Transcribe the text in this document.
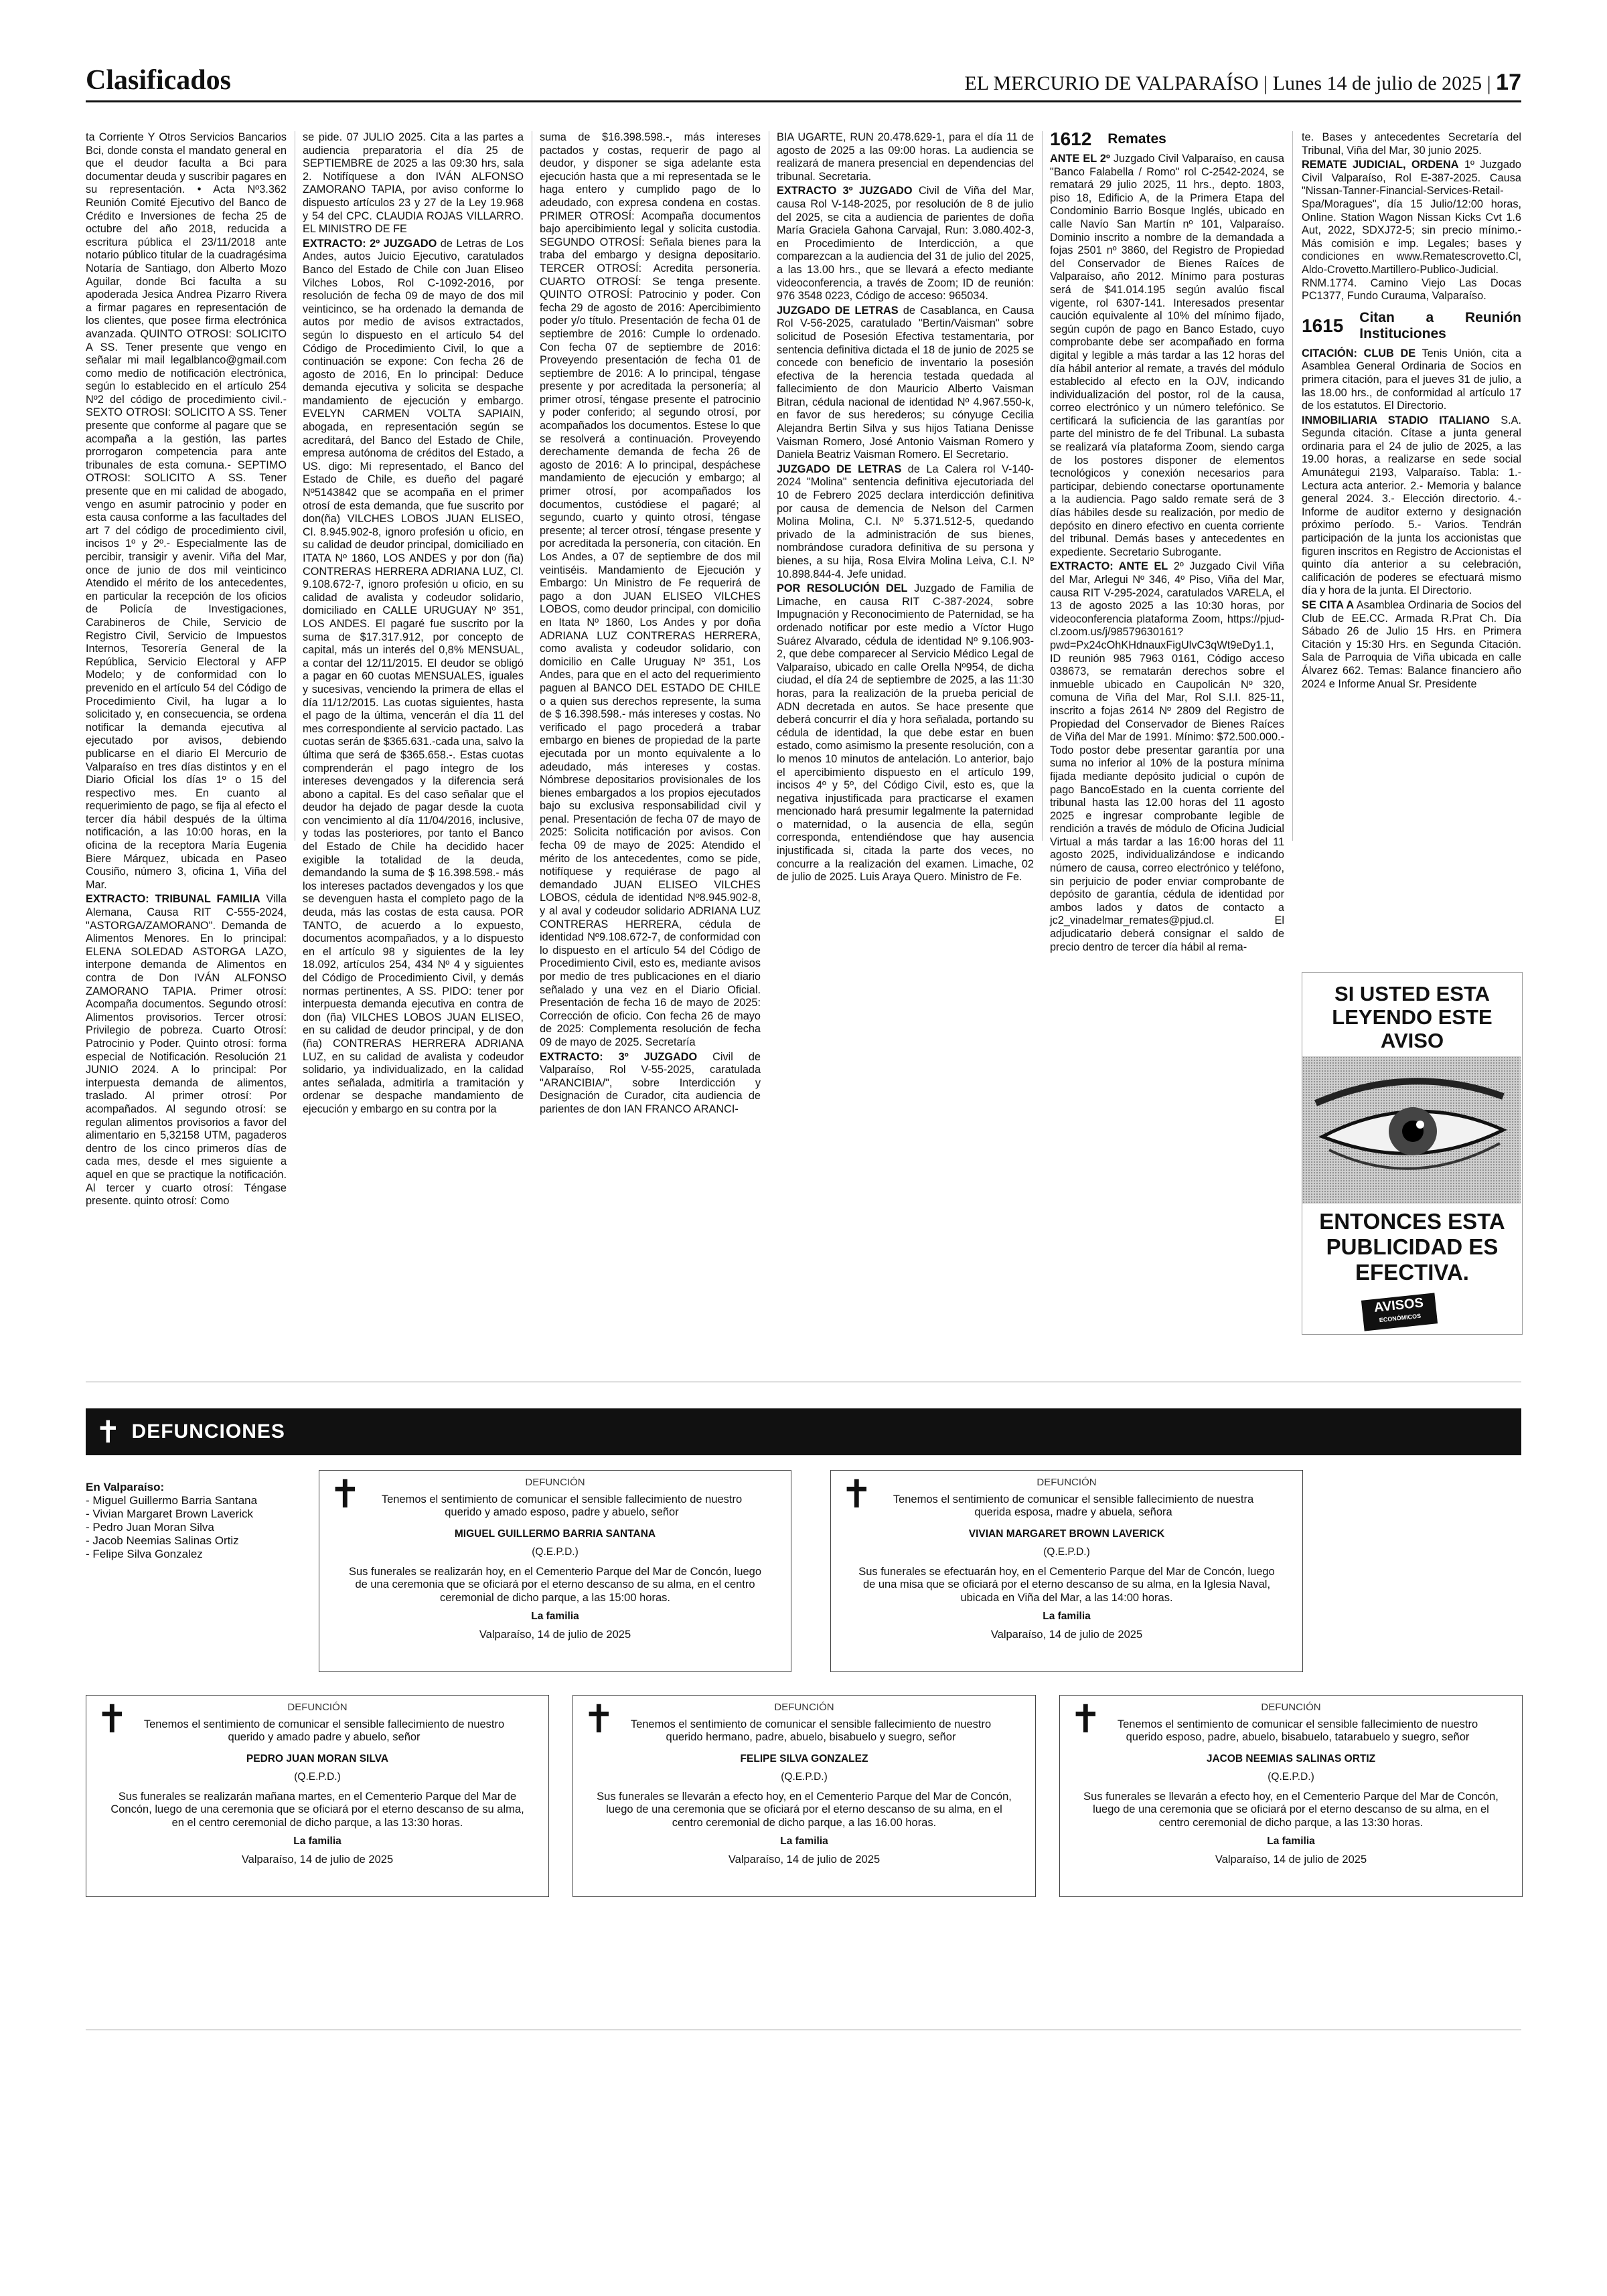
Clasificados	EL MERCURIO DE VALPARAÍSO | Lunes 14 de julio de 2025 | 17

ta Corriente Y Otros Servicios Bancarios Bci, donde consta el mandato general en que el deudor faculta a Bci para documentar deuda y suscribir pagares en su representación. • Acta Nº3.362 Reunión Comité Ejecutivo del Banco de Crédito e Inversiones de fecha 25 de octubre del año 2018, reducida a escritura pública el 23/11/2018 ante notario público titular de la cuadragésima Notaría de Santiago, don Alberto Mozo Aguilar, donde Bci faculta a su apoderada Jesica Andrea Pizarro Rivera a firmar pagares en representación de los clientes, que posee firma electrónica avanzada. QUINTO OTROSI: SOLICITO A SS. Tener presente que vengo en señalar mi mail legalblanco@gmail.com como medio de notificación electrónica, según lo establecido en el artículo 254 Nº2 del código de procedimiento civil.- SEXTO OTROSI: SOLICITO A SS. Tener presente que conforme al pagare que se acompaña a la gestión, las partes prorrogaron competencia para ante tribunales de esta comuna.- SEPTIMO OTROSI: SOLICITO A SS. Tener presente que en mi calidad de abogado, vengo en asumir patrocinio y poder en esta causa conforme a las facultades del art 7 del código de procedimiento civil, incisos 1º y 2º.- Especialmente las de percibir, transigir y avenir. Viña del Mar, once de junio de dos mil veinticinco Atendido el mérito de los antecedentes, en particular la recepción de los oficios de Policía de Investigaciones, Carabineros de Chile, Servicio de Registro Civil, Servicio de Impuestos Internos, Tesorería General de la República, Servicio Electoral y AFP Modelo; y de conformidad con lo prevenido en el artículo 54 del Código de Procedimiento Civil, ha lugar a lo solicitado y, en consecuencia, se ordena notificar la demanda ejecutiva al ejecutado por avisos, debiendo publicarse en el diario El Mercurio de Valparaíso en tres días distintos y en el Diario Oficial los días 1º o 15 del respectivo mes. En cuanto al requerimiento de pago, se fija al efecto el tercer día hábil después de la última notificación, a las 10:00 horas, en la oficina de la receptora María Eugenia Biere Márquez, ubicada en Paseo Cousiño, número 3, oficina 1, Viña del Mar.

EXTRACTO: TRIBUNAL FAMILIA Villa Alemana, Causa RIT C-555-2024, "ASTORGA/ZAMORANO". Demanda de Alimentos Menores. En lo principal: ELENA SOLEDAD ASTORGA LAZO, interpone demanda de Alimentos en contra de Don IVÁN ALFONSO ZAMORANO TAPIA. Primer otrosí: Acompaña documentos. Segundo otrosí: Alimentos provisorios. Tercer otrosí: Privilegio de pobreza. Cuarto Otrosí: Patrocinio y Poder. Quinto otrosí: forma especial de Notificación. Resolución 21 JUNIO 2024. A lo principal: Por interpuesta demanda de alimentos, traslado. Al primer otrosí: Por acompañados. Al segundo otrosí: se regulan alimentos provisorios a favor del alimentario en 5,32158 UTM, pagaderos dentro de los cinco primeros días de cada mes, desde el mes siguiente a aquel en que se practique la notificación. Al tercer y cuarto otrosí: Téngase presente. quinto otrosí: Como

se pide. 07 JULIO 2025. Cita a las partes a audiencia preparatoria el día 25 de SEPTIEMBRE de 2025 a las 09:30 hrs, sala 2. Notifíquese a don IVÁN ALFONSO ZAMORANO TAPIA, por aviso conforme lo dispuesto artículos 23 y 27 de la Ley 19.968 y 54 del CPC. CLAUDIA ROJAS VILLARRO. EL MINISTRO DE FE

EXTRACTO: 2º JUZGADO de Letras de Los Andes, autos Juicio Ejecutivo, caratulados Banco del Estado de Chile con Juan Eliseo Vilches Lobos, Rol C-1092-2016, por resolución de fecha 09 de mayo de dos mil veinticinco, se ha ordenado la demanda de autos por medio de avisos extractados, según lo dispuesto en el artículo 54 del Código de Procedimiento Civil, lo que a continuación se expone: Con fecha 26 de agosto de 2016, En lo principal: Deduce demanda ejecutiva y solicita se despache mandamiento de ejecución y embargo. EVELYN CARMEN VOLTA SAPIAIN, abogada, en representación según se acreditará, del Banco del Estado de Chile, empresa autónoma de créditos del Estado, a US. digo: Mi representado, el Banco del Estado de Chile, es dueño del pagaré Nº5143842 que se acompaña en el primer otrosí de esta demanda, que fue suscrito por don(ña) VILCHES LOBOS JUAN ELISEO, Cl. 8.945.902-8, ignoro profesión u oficio, en su calidad de deudor principal, domiciliado en ITATA Nº 1860, LOS ANDES y por don (ña) CONTRERAS HERRERA ADRIANA LUZ, Cl. 9.108.672-7, ignoro profesión u oficio, en su calidad de avalista y codeudor solidario, domiciliado en CALLE URUGUAY Nº 351, LOS ANDES. El pagaré fue suscrito por la suma de $17.317.912, por concepto de capital, más un interés del 0,8% MENSUAL, a contar del 12/11/2015. El deudor se obligó a pagar en 60 cuotas MENSUALES, iguales y sucesivas, venciendo la primera de ellas el día 11/12/2015. Las cuotas siguientes, hasta el pago de la última, vencerán el día 11 del mes correspondiente al servicio pactado. Las cuotas serán de $365.631.-cada una, salvo la última que será de $365.658.-. Estas cuotas comprenderán el pago íntegro de los intereses devengados y la diferencia será abono a capital. Es del caso señalar que el deudor ha dejado de pagar desde la cuota con vencimiento al día 11/04/2016, inclusive, y todas las posteriores, por tanto el Banco del Estado de Chile ha decidido hacer exigible la totalidad de la deuda, demandando la suma de $ 16.398.598.- más los intereses pactados devengados y los que se devenguen hasta el completo pago de la deuda, más las costas de esta causa. POR TANTO, de acuerdo a lo expuesto, documentos acompañados, y a lo dispuesto en el artículo 98 y siguientes de la ley 18.092, artículos 254, 434 Nº 4 y siguientes del Código de Procedimiento Civil, y demás normas pertinentes, A SS. PIDO: tener por interpuesta demanda ejecutiva en contra de don (ña) VILCHES LOBOS JUAN ELISEO, en su calidad de deudor principal, y de don (ña) CONTRERAS HERRERA ADRIANA LUZ, en su calidad de avalista y codeudor solidario, ya individualizado, en la calidad antes señalada, admitirla a tramitación y ordenar se despache mandamiento de ejecución y embargo en su contra por la

suma de $16.398.598.-, más intereses pactados y costas, requerir de pago al deudor, y disponer se siga adelante esta ejecución hasta que a mi representada se le haga entero y cumplido pago de lo adeudado, con expresa condena en costas. PRIMER OTROSÍ: Acompaña documentos bajo apercibimiento legal y solicita custodia. SEGUNDO OTROSÍ: Señala bienes para la traba del embargo y designa depositario. TERCER OTROSÍ: Acredita personería. CUARTO OTROSÍ: Se tenga presente. QUINTO OTROSÍ: Patrocinio y poder. Con fecha 29 de agosto de 2016: Apercibimiento poder y/o título. Presentación de fecha 01 de septiembre de 2016: Cumple lo ordenado. Con fecha 07 de septiembre de 2016: Proveyendo presentación de fecha 01 de septiembre de 2016: A lo principal, téngase presente y por acreditada la personería; al primer otrosí, téngase presente el patrocinio y poder conferido; al segundo otrosí, por acompañados los documentos. Estese lo que se resolverá a continuación. Proveyendo derechamente demanda de fecha 26 de agosto de 2016: A lo principal, despáchese mandamiento de ejecución y embargo; al primer otrosí, por acompañados los documentos, custódiese el pagaré; al segundo, cuarto y quinto otrosí, téngase presente; al tercer otrosí, téngase presente y por acreditada la personería, con citación. En Los Andes, a 07 de septiembre de dos mil veintiséis. Mandamiento de Ejecución y Embargo: Un Ministro de Fe requerirá de pago a don JUAN ELISEO VILCHES LOBOS, como deudor principal, con domicilio en Itata Nº 1860, Los Andes y por doña ADRIANA LUZ CONTRERAS HERRERA, como avalista y codeudor solidario, con domicilio en Calle Uruguay Nº 351, Los Andes, para que en el acto del requerimiento paguen al BANCO DEL ESTADO DE CHILE o a quien sus derechos represente, la suma de $ 16.398.598.- más intereses y costas. No verificado el pago procederá a trabar embargo en bienes de propiedad de la parte ejecutada por un monto equivalente a lo adeudado, más intereses y costas. Nómbrese depositarios provisionales de los bienes embargados a los propios ejecutados bajo su exclusiva responsabilidad civil y penal. Presentación de fecha 07 de mayo de 2025: Solicita notificación por avisos. Con fecha 09 de mayo de 2025: Atendido el mérito de los antecedentes, como se pide, notifíquese y requiérase de pago al demandado JUAN ELISEO VILCHES LOBOS, cédula de identidad Nº8.945.902-8, y al aval y codeudor solidario ADRIANA LUZ CONTRERAS HERRERA, cédula de identidad Nº9.108.672-7, de conformidad con lo dispuesto en el artículo 54 del Código de Procedimiento Civil, esto es, mediante avisos por medio de tres publicaciones en el diario señalado y una vez en el Diario Oficial. Presentación de fecha 16 de mayo de 2025: Corrección de oficio. Con fecha 26 de mayo de 2025: Complementa resolución de fecha 09 de mayo de 2025. Secretaría

EXTRACTO: 3º JUZGADO Civil de Valparaíso, Rol V-55-2025, caratulada "ARANCIBIA/", sobre Interdicción y Designación de Curador, cita audiencia de parientes de don IAN FRANCO ARANCI-

BIA UGARTE, RUN 20.478.629-1, para el día 11 de agosto de 2025 a las 09:00 horas. La audiencia se realizará de manera presencial en dependencias del tribunal. Secretaria.

EXTRACTO 3º JUZGADO Civil de Viña del Mar, causa Rol V-148-2025, por resolución de 8 de julio del 2025, se cita a audiencia de parientes de doña María Graciela Gahona Carvajal, Run: 3.080.402-3, en Procedimiento de Interdicción, a que comparezcan a la audiencia del 31 de julio del 2025, a las 13.00 hrs., que se llevará a efecto mediante videoconferencia, a través de Zoom; ID de reunión: 976 3548 0223, Código de acceso: 965034.

JUZGADO DE LETRAS de Casablanca, en Causa Rol V-56-2025, caratulado "Bertin/Vaisman" sobre solicitud de Posesión Efectiva testamentaria, por sentencia definitiva dictada el 18 de junio de 2025 se concede con beneficio de inventario la posesión efectiva de la herencia testada quedada al fallecimiento de don Mauricio Alberto Vaisman Bitran, cédula nacional de identidad Nº 4.967.550-k, en favor de sus herederos; su cónyuge Cecilia Alejandra Bertin Silva y sus hijos Tatiana Denisse Vaisman Romero, José Antonio Vaisman Romero y Daniela Beatriz Vaisman Romero. El Secretario.

JUZGADO DE LETRAS de La Calera rol V-140-2024 "Molina" sentencia definitiva ejecutoriada del 10 de Febrero 2025 declara interdicción definitiva por causa de demencia de Nelson del Carmen Molina Molina, C.I. Nº 5.371.512-5, quedando privado de la administración de sus bienes, nombrándose curadora definitiva de su persona y bienes, a su hija, Rosa Elvira Molina Leiva, C.I. Nº 10.898.844-4. Jefe unidad.

POR RESOLUCIÓN DEL Juzgado de Familia de Limache, en causa RIT C-387-2024, sobre Impugnación y Reconocimiento de Paternidad, se ha ordenado notificar por este medio a Víctor Hugo Suárez Alvarado, cédula de identidad Nº 9.106.903-2, que debe comparecer al Servicio Médico Legal de Valparaíso, ubicado en calle Orella Nº954, de dicha ciudad, el día 24 de septiembre de 2025, a las 11:30 horas, para la realización de la prueba pericial de ADN decretada en autos. Se hace presente que deberá concurrir el día y hora señalada, portando su cédula de identidad, la que debe estar en buen estado, como asimismo la presente resolución, con a lo menos 10 minutos de antelación. Lo anterior, bajo el apercibimiento dispuesto en el artículo 199, incisos 4º y 5º, del Código Civil, esto es, que la negativa injustificada para practicarse el examen mencionado hará presumir legalmente la paternidad o maternidad, o la ausencia de ella, según corresponda, entendiéndose que hay ausencia injustificada si, citada la parte dos veces, no concurre a la realización del examen. Limache, 02 de julio de 2025. Luis Araya Quero. Ministro de Fe.

1612 Remates

ANTE EL 2º Juzgado Civil Valparaíso, en causa "Banco Falabella / Romo" rol C-2542-2024, se rematará 29 julio 2025, 11 hrs., depto. 1803, piso 18, Edificio A, de la Primera Etapa del Condominio Barrio Bosque Inglés, ubicado en calle Navío San Martín nº 101, Valparaíso. Dominio inscrito a nombre de la demandada a fojas 2501 nº 3860, del Registro de Propiedad del Conservador de Bienes Raíces de Valparaíso, año 2012. Mínimo para posturas será de $41.014.195 según avalúo fiscal vigente, rol 6307-141. Interesados presentar caución equivalente al 10% del mínimo fijado, según cupón de pago en Banco Estado, cuyo comprobante debe ser acompañado en forma digital y legible a más tardar a las 12 horas del día hábil anterior al remate, a través del módulo establecido al efecto en la OJV, indicando individualización del postor, rol de la causa, correo electrónico y un número telefónico. Se certificará la suficiencia de las garantías por parte del ministro de fe del Tribunal. La subasta se realizará vía plataforma Zoom, siendo carga de los postores disponer de elementos tecnológicos y conexión necesarios para participar, debiendo conectarse oportunamente a la audiencia. Pago saldo remate será de 3 días hábiles desde su realización, por medio de depósito en dinero efectivo en cuenta corriente del tribunal. Demás bases y antecedentes en expediente. Secretario Subrogante.

EXTRACTO: ANTE EL 2º Juzgado Civil Viña del Mar, Arlegui Nº 346, 4º Piso, Viña del Mar, causa RIT V-295-2024, caratulados VARELA, el 13 de agosto 2025 a las 10:30 horas, por videoconferencia plataforma Zoom, https://pjud-cl.zoom.us/j/98579630161?pwd=Px24cOhKHdnauxFigUlvC3qWt9eDy1.1, ID reunión 985 7963 0161, Código acceso 038673, se rematarán derechos sobre el inmueble ubicado en Caupolicán Nº 320, comuna de Viña del Mar, Rol S.I.I. 825-11, inscrito a fojas 2614 Nº 2809 del Registro de Propiedad del Conservador de Bienes Raíces de Viña del Mar de 1991. Mínimo: $72.500.000.- Todo postor debe presentar garantía por una suma no inferior al 10% de la postura mínima fijada mediante depósito judicial o cupón de pago BancoEstado en la cuenta corriente del tribunal hasta las 12.00 horas del 11 agosto 2025 e ingresar comprobante legible de rendición a través de módulo de Oficina Judicial Virtual a más tardar a las 16:00 horas del 11 agosto 2025, individualizándose e indicando número de causa, correo electrónico y teléfono, sin perjuicio de poder enviar comprobante de depósito de garantía, cédula de identidad por ambos lados y datos de contacto a jc2_vinadelmar_remates@pjud.cl. El adjudicatario deberá consignar el saldo de precio dentro de tercer día hábil al rema-

te. Bases y antecedentes Secretaría del Tribunal, Viña del Mar, 30 junio 2025.

REMATE JUDICIAL, ORDENA 1º Juzgado Civil Valparaíso, Rol E-387-2025. Causa "Nissan-Tanner-Financial-Services-Retail-Spa/Moragues", día 15 Julio/12:00 horas, Online. Station Wagon Nissan Kicks Cvt 1.6 Aut, 2022, SDXJ72-5; sin precio mínimo.- Más comisión e imp. Legales; bases y condiciones en www.Rematescrovetto.Cl, Aldo-Crovetto.Martillero-Publico-Judicial. RNM.1774. Camino Viejo Las Docas PC1377, Fundo Curauma, Valparaíso.

1615 Citan a Reunión Instituciones

CITACIÓN: CLUB DE Tenis Unión, cita a Asamblea General Ordinaria de Socios en primera citación, para el jueves 31 de julio, a las 18.00 hrs., de conformidad al artículo 17 de los estatutos. El Directorio.

INMOBILIARIA STADIO ITALIANO S.A. Segunda citación. Cítase a junta general ordinaria para el 24 de julio de 2025, a las 19.00 horas, a realizarse en sede social Amunátegui 2193, Valparaíso. Tabla: 1.- Lectura acta anterior. 2.- Memoria y balance general 2024. 3.- Elección directorio. 4.- Informe de auditor externo y designación próximo período. 5.- Varios. Tendrán participación de la junta los accionistas que figuren inscritos en Registro de Accionistas el quinto día anterior a su celebración, calificación de poderes se efectuará mismo día y hora de la junta. El Directorio.

SE CITA A Asamblea Ordinaria de Socios del Club de EE.CC. Armada R.Prat Ch. Día Sábado 26 de Julio 15 Hrs. en Primera Citación y 15:30 Hrs. en Segunda Citación. Sala de Parroquia de Viña ubicada en calle Álvarez 662. Temas: Balance financiero año 2024 e Informe Anual Sr. Presidente

SI USTED ESTA LEYENDO ESTE AVISO
ENTONCES ESTA PUBLICIDAD ES EFECTIVA.
AVISOS
ECONÓMICOS
✝ DEFUNCIONES
En Valparaíso:
- Miguel Guillermo Barria Santana
- Vivian Margaret Brown Laverick
- Pedro Juan Moran Silva
- Jacob Neemias Salinas Ortiz
- Felipe Silva Gonzalez
✝	DEFUNCIÓN
Tenemos el sentimiento de comunicar el sensible fallecimiento de nuestro querido y amado esposo, padre y abuelo, señor
MIGUEL GUILLERMO BARRIA SANTANA
(Q.E.P.D.)
Sus funerales se realizarán hoy, en el Cementerio Parque del Mar de Concón, luego de una ceremonia que se oficiará por el eterno descanso de su alma, en el centro ceremonial de dicho parque, a las 15:00 horas.
La familia
Valparaíso, 14 de julio de 2025
✝	DEFUNCIÓN
Tenemos el sentimiento de comunicar el sensible fallecimiento de nuestra querida esposa, madre y abuela, señora
VIVIAN MARGARET BROWN LAVERICK
(Q.E.P.D.)
Sus funerales se efectuarán hoy, en el Cementerio Parque del Mar de Concón, luego de una misa que se oficiará por el eterno descanso de su alma, en la Iglesia Naval, ubicada en Viña del Mar, a las 14:00 horas.
La familia
Valparaíso, 14 de julio de 2025
✝	DEFUNCIÓN
Tenemos el sentimiento de comunicar el sensible fallecimiento de nuestro querido y amado padre y abuelo, señor
PEDRO JUAN MORAN SILVA
(Q.E.P.D.)
Sus funerales se realizarán mañana martes, en el Cementerio Parque del Mar de Concón, luego de una ceremonia que se oficiará por el eterno descanso de su alma, en el centro ceremonial de dicho parque, a las 13:30 horas.
La familia
Valparaíso, 14 de julio de 2025
✝	DEFUNCIÓN
Tenemos el sentimiento de comunicar el sensible fallecimiento de nuestro querido hermano, padre, abuelo, bisabuelo y suegro, señor
FELIPE SILVA GONZALEZ
(Q.E.P.D.)
Sus funerales se llevarán a efecto hoy, en el Cementerio Parque del Mar de Concón, luego de una ceremonia que se oficiará por el eterno descanso de su alma, en el centro ceremonial de dicho parque, a las 16.00 horas.
La familia
Valparaíso, 14 de julio de 2025
✝	DEFUNCIÓN
Tenemos el sentimiento de comunicar el sensible fallecimiento de nuestro querido esposo, padre, abuelo, bisabuelo, tatarabuelo y suegro, señor
JACOB NEEMIAS SALINAS ORTIZ
(Q.E.P.D.)
Sus funerales se llevarán a efecto hoy, en el Cementerio Parque del Mar de Concón, luego de una ceremonia que se oficiará por el eterno descanso de su alma, en el centro ceremonial de dicho parque, a las 13:30 horas.
La familia
Valparaíso, 14 de julio de 2025
